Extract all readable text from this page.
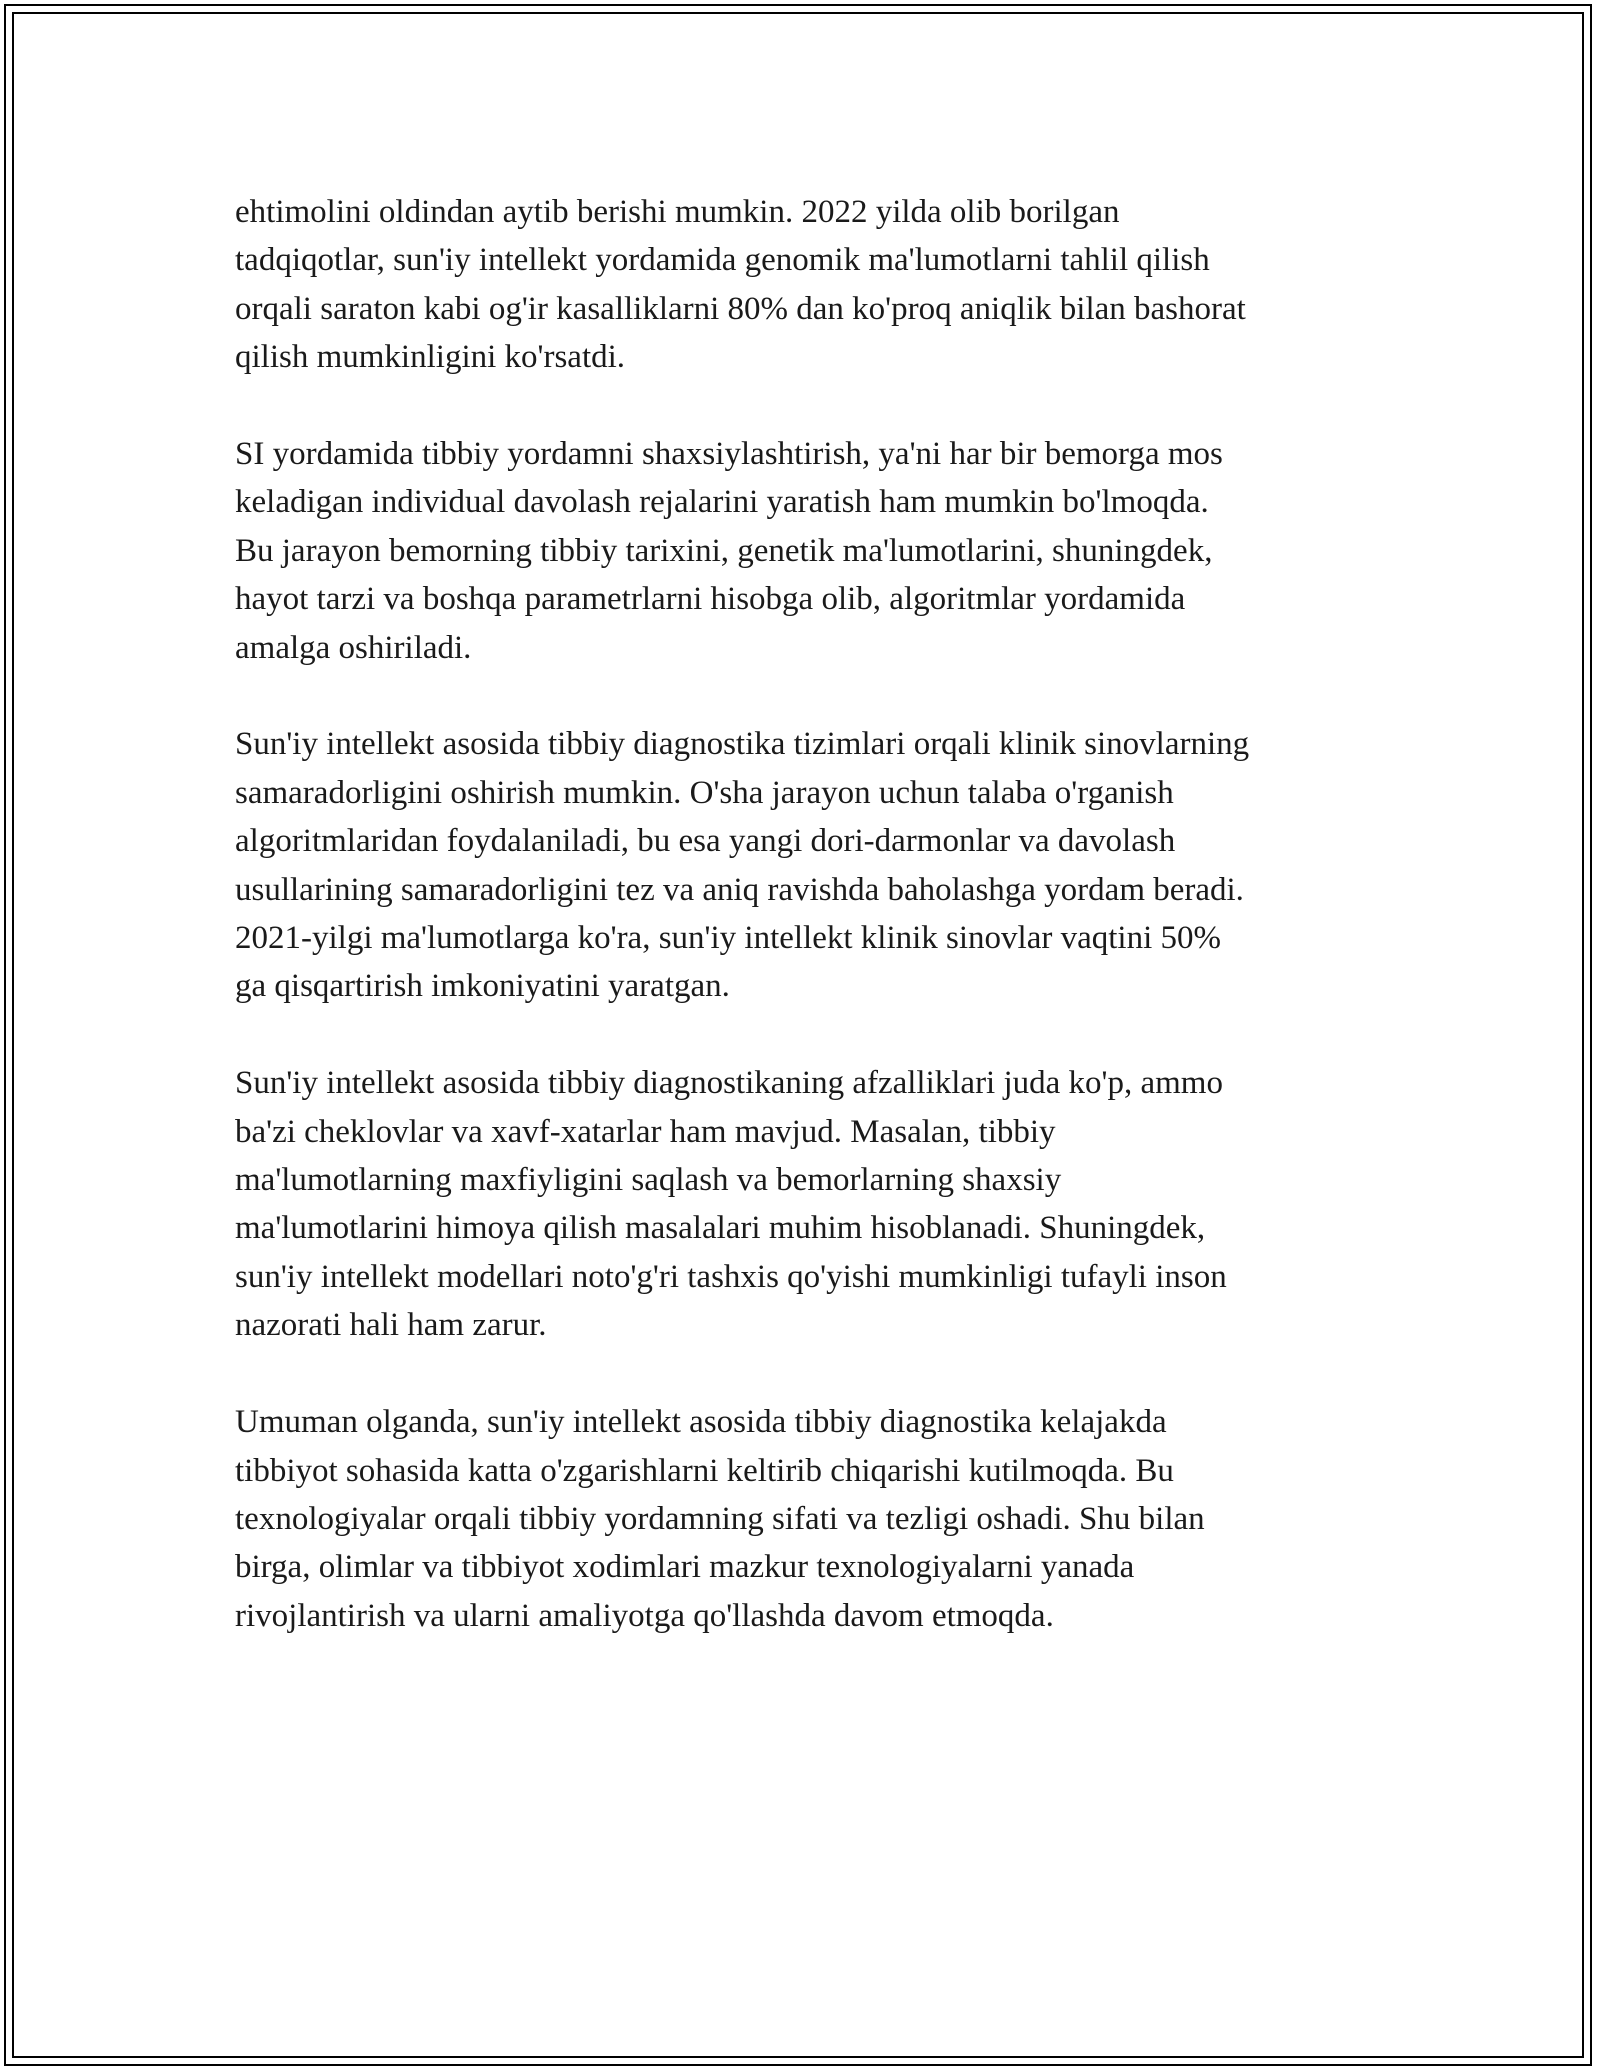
ehtimolini oldindan aytib berishi mumkin. 2022 yilda olib borilgan
tadqiqotlar, sun'iy intellekt yordamida genomik ma'lumotlarni tahlil qilish
orqali saraton kabi og'ir kasalliklarni 80% dan ko'proq aniqlik bilan bashorat
qilish mumkinligini ko'rsatdi.

SI yordamida tibbiy yordamni shaxsiylashtirish, ya'ni har bir bemorga mos
keladigan individual davolash rejalarini yaratish ham mumkin bo'lmoqda.
Bu jarayon bemorning tibbiy tarixini, genetik ma'lumotlarini, shuningdek,
hayot tarzi va boshqa parametrlarni hisobga olib, algoritmlar yordamida
amalga oshiriladi.

Sun'iy intellekt asosida tibbiy diagnostika tizimlari orqali klinik sinovlarning
samaradorligini oshirish mumkin. O'sha jarayon uchun talaba o'rganish
algoritmlaridan foydalaniladi, bu esa yangi dori-darmonlar va davolash
usullarining samaradorligini tez va aniq ravishda baholashga yordam beradi.
2021-yilgi ma'lumotlarga ko'ra, sun'iy intellekt klinik sinovlar vaqtini 50%
ga qisqartirish imkoniyatini yaratgan.

Sun'iy intellekt asosida tibbiy diagnostikaning afzalliklari juda ko'p, ammo
ba'zi cheklovlar va xavf-xatarlar ham mavjud. Masalan, tibbiy
ma'lumotlarning maxfiyligini saqlash va bemorlarning shaxsiy
ma'lumotlarini himoya qilish masalalari muhim hisoblanadi. Shuningdek,
sun'iy intellekt modellari noto'g'ri tashxis qo'yishi mumkinligi tufayli inson
nazorati hali ham zarur.

Umuman olganda, sun'iy intellekt asosida tibbiy diagnostika kelajakda
tibbiyot sohasida katta o'zgarishlarni keltirib chiqarishi kutilmoqda. Bu
texnologiyalar orqali tibbiy yordamning sifati va tezligi oshadi. Shu bilan
birga, olimlar va tibbiyot xodimlari mazkur texnologiyalarni yanada
rivojlantirish va ularni amaliyotga qo'llashda davom etmoqda.
